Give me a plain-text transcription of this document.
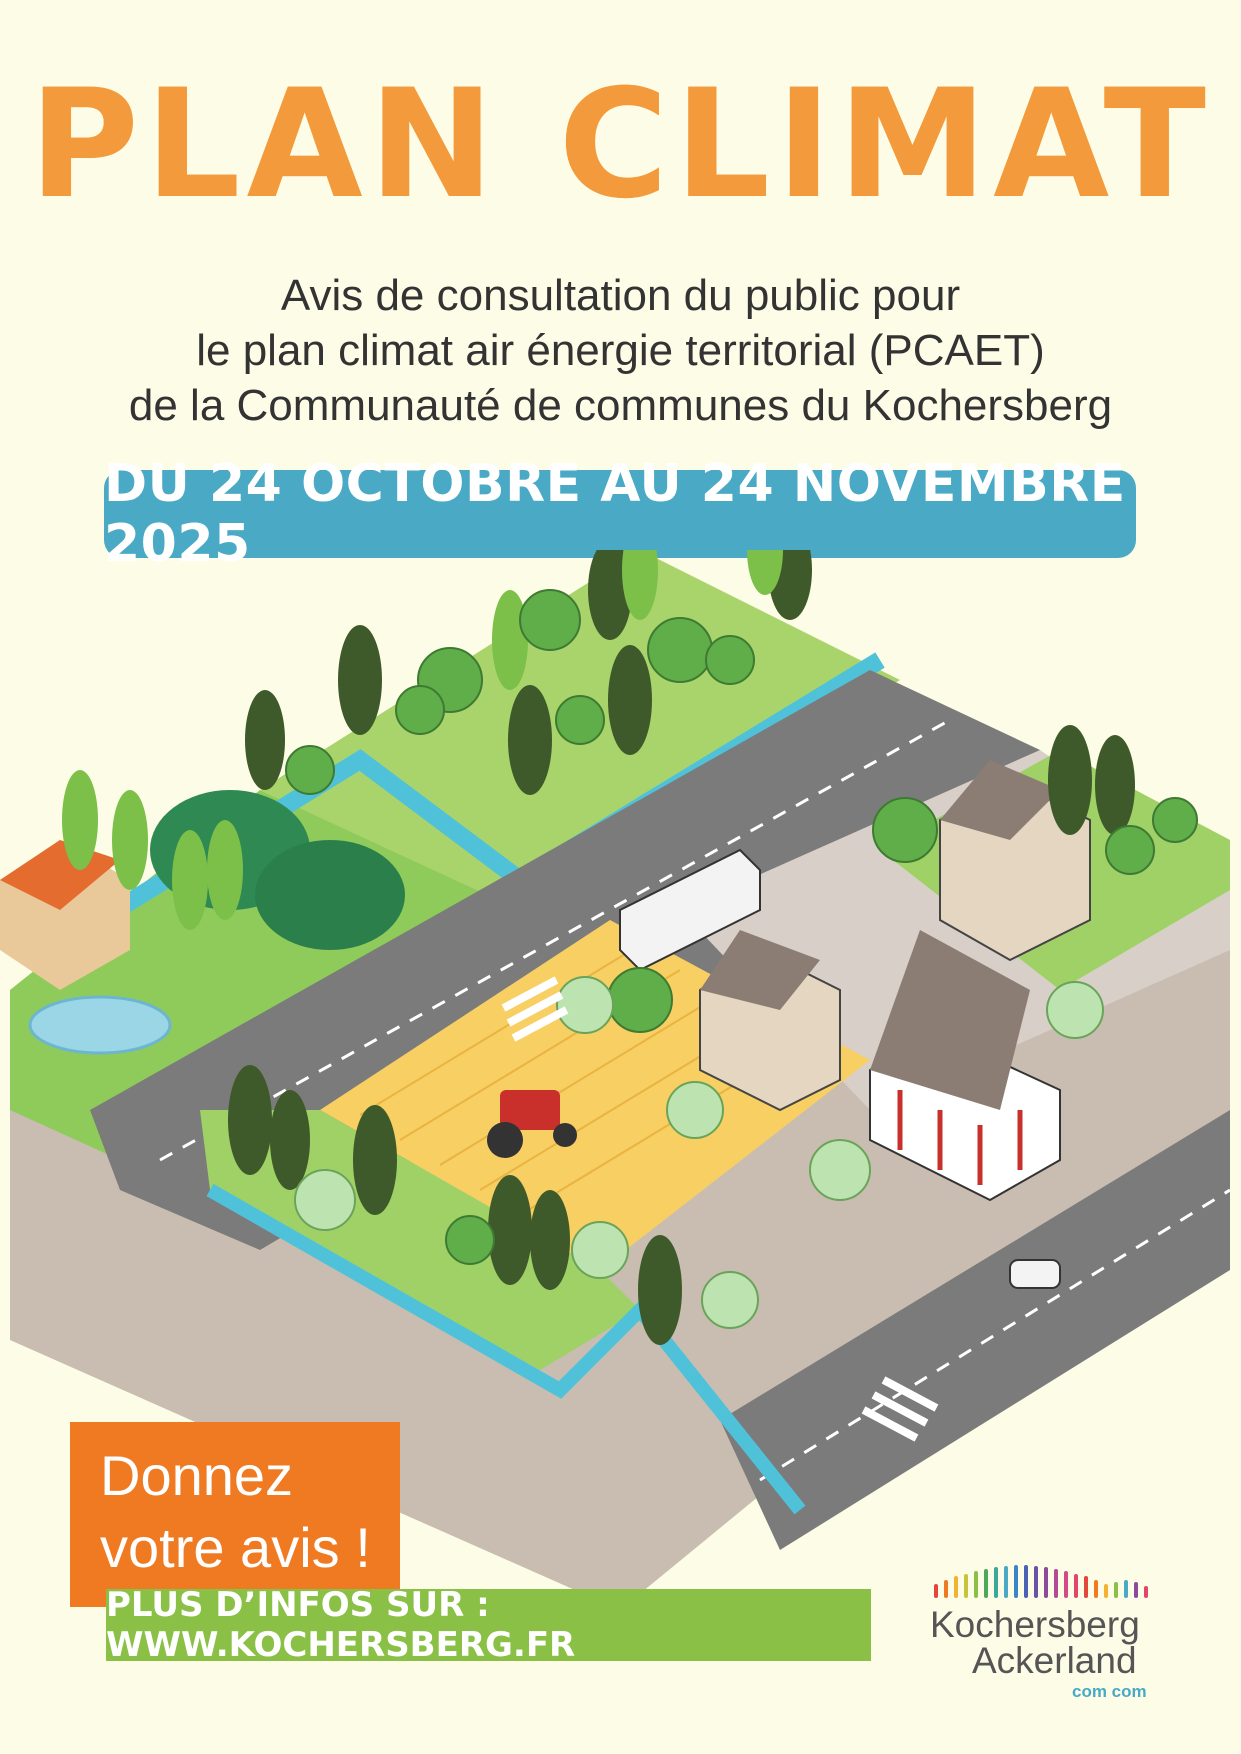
PLAN CLIMAT
Avis de consultation du public pour
le plan climat air énergie territorial (PCAET)
de la Communauté de communes du Kochersberg
DU 24 OCTOBRE AU 24 NOVEMBRE 2025
Donnez
votre avis !
PLUS D’INFOS SUR : WWW.KOCHERSBERG.FR	Kochersberg
Ackerland
com com
